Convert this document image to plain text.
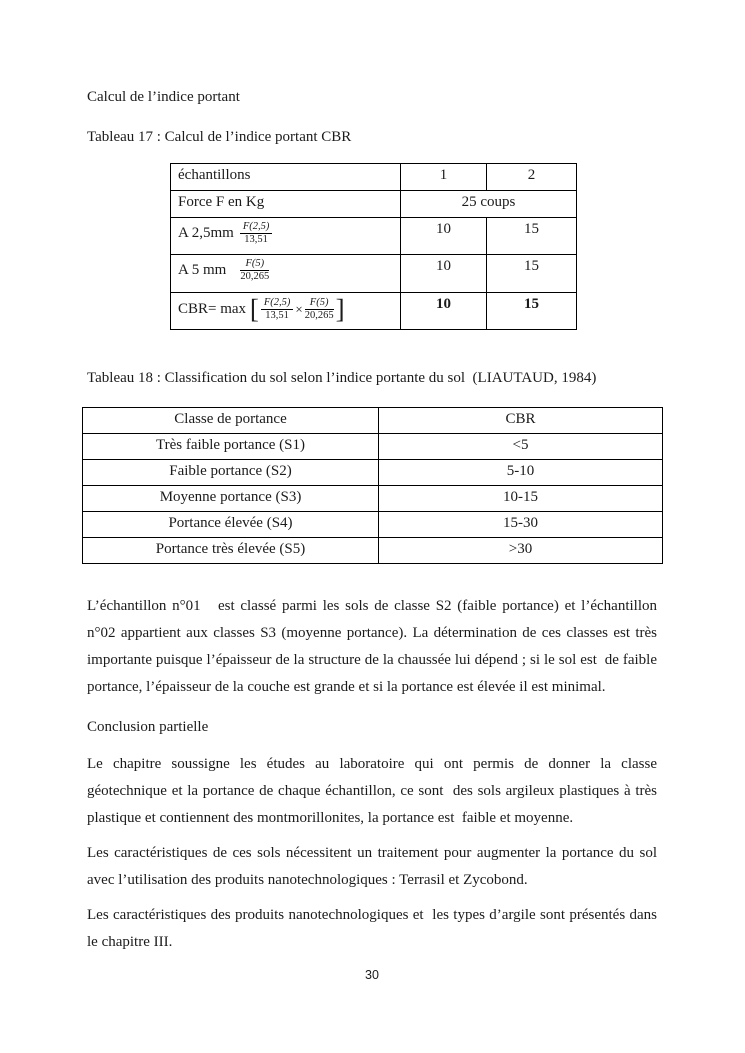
Calcul de l’indice portant
Tableau 17 : Calcul de l’indice portant CBR
échantillons	1	2
Force F en Kg	25 coups	
A $2,5mm \frac{F(2,5)}{13,51}$	10	15
A 5 mm $\frac{F(5)}{20,265}$	10	15
CBR= max [ $\frac{F(2,5)}{13,51} \times \frac{F(5)}{20,265}$ ]	10	15
Tableau 18 : Classification du sol selon l’indice portante du sol  (LIAUTAUD, 1984)
Classe de portance	CBR
Très faible portance (S1)	<5
Faible portance (S2)	5-10
Moyenne portance (S3)	10-15
Portance élevée (S4)	15-30
Portance très élevée (S5)	>30

L’échantillon n°01   est classé parmi les sols de classe S2 (faible portance) et l’échantillon n°02 appartient aux classes S3 (moyenne portance). La détermination de ces classes est très importante puisque l’épaisseur de la structure de la chaussée lui dépend ; si le sol est  de faible portance, l’épaisseur de la couche est grande et si la portance est élevée il est minimal.

Conclusion partielle

Le chapitre soussigne les études au laboratoire qui ont permis de donner la classe géotechnique et la portance de chaque échantillon, ce sont  des sols argileux plastiques à très plastique et contiennent des montmorillonites, la portance est  faible et moyenne.

Les caractéristiques de ces sols nécessitent un traitement pour augmenter la portance du sol avec l’utilisation des produits nanotechnologiques : Terrasil et Zycobond.

Les caractéristiques des produits nanotechnologiques et  les types d’argile sont présentés dans le chapitre III.

30
